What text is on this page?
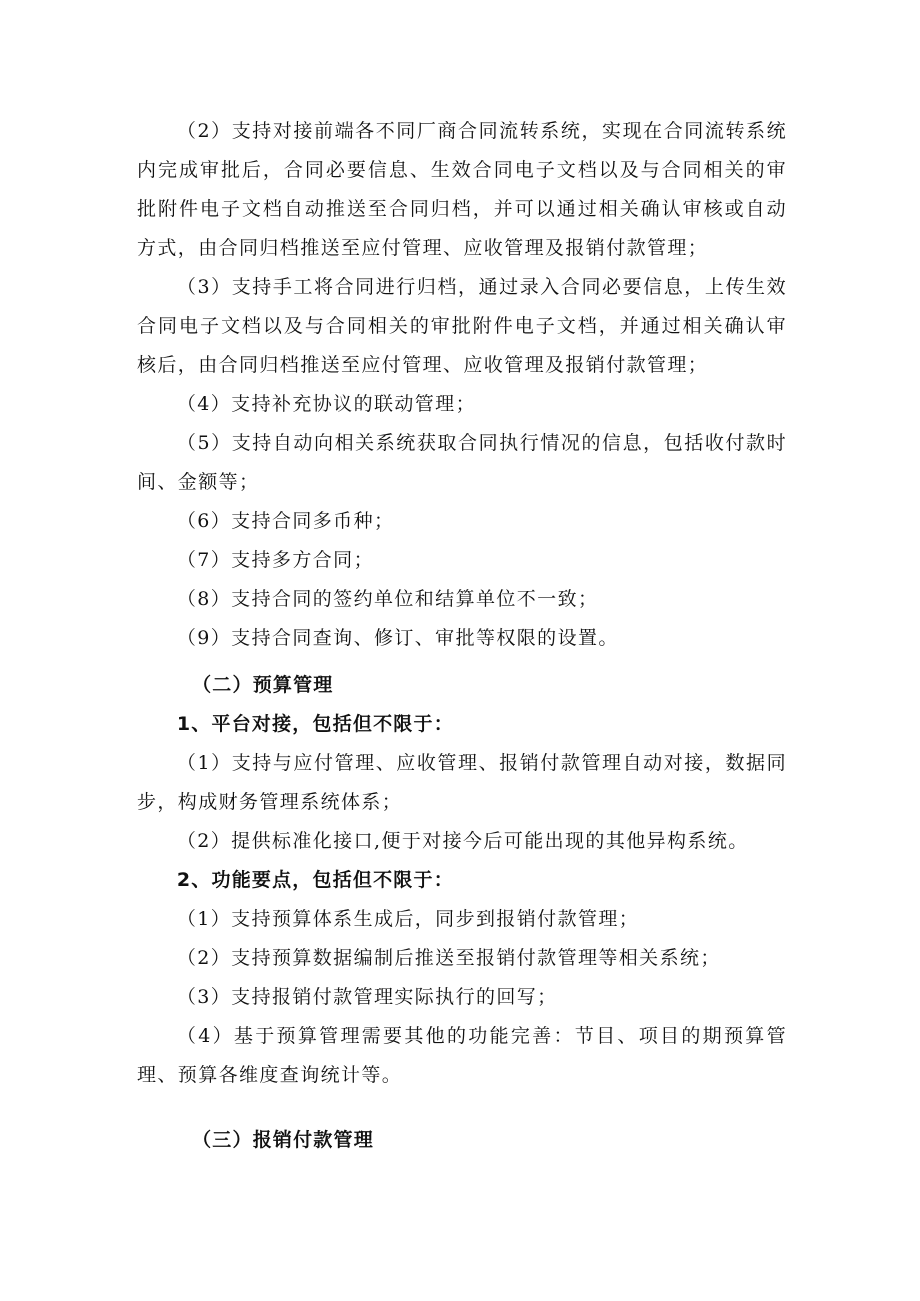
（2）支持对接前端各不同厂商合同流转系统，实现在合同流转系统内完成审批后，合同必要信息、生效合同电子文档以及与合同相关的审批附件电子文档自动推送至合同归档，并可以通过相关确认审核或自动方式，由合同归档推送至应付管理、应收管理及报销付款管理；

（3）支持手工将合同进行归档，通过录入合同必要信息，上传生效合同电子文档以及与合同相关的审批附件电子文档，并通过相关确认审核后，由合同归档推送至应付管理、应收管理及报销付款管理；

（4）支持补充协议的联动管理；

（5）支持自动向相关系统获取合同执行情况的信息，包括收付款时间、金额等；

（6）支持合同多币种；

（7）支持多方合同；

（8）支持合同的签约单位和结算单位不一致；

（9）支持合同查询、修订、审批等权限的设置。

（二）预算管理

1、平台对接，包括但不限于：

（1）支持与应付管理、应收管理、报销付款管理自动对接，数据同步，构成财务管理系统体系；

（2）提供标准化接口,便于对接今后可能出现的其他异构系统。

2、功能要点，包括但不限于：

（1）支持预算体系生成后，同步到报销付款管理；

（2）支持预算数据编制后推送至报销付款管理等相关系统；

（3）支持报销付款管理实际执行的回写；

（4）基于预算管理需要其他的功能完善：节目、项目的期预算管理、预算各维度查询统计等。

（三）报销付款管理
